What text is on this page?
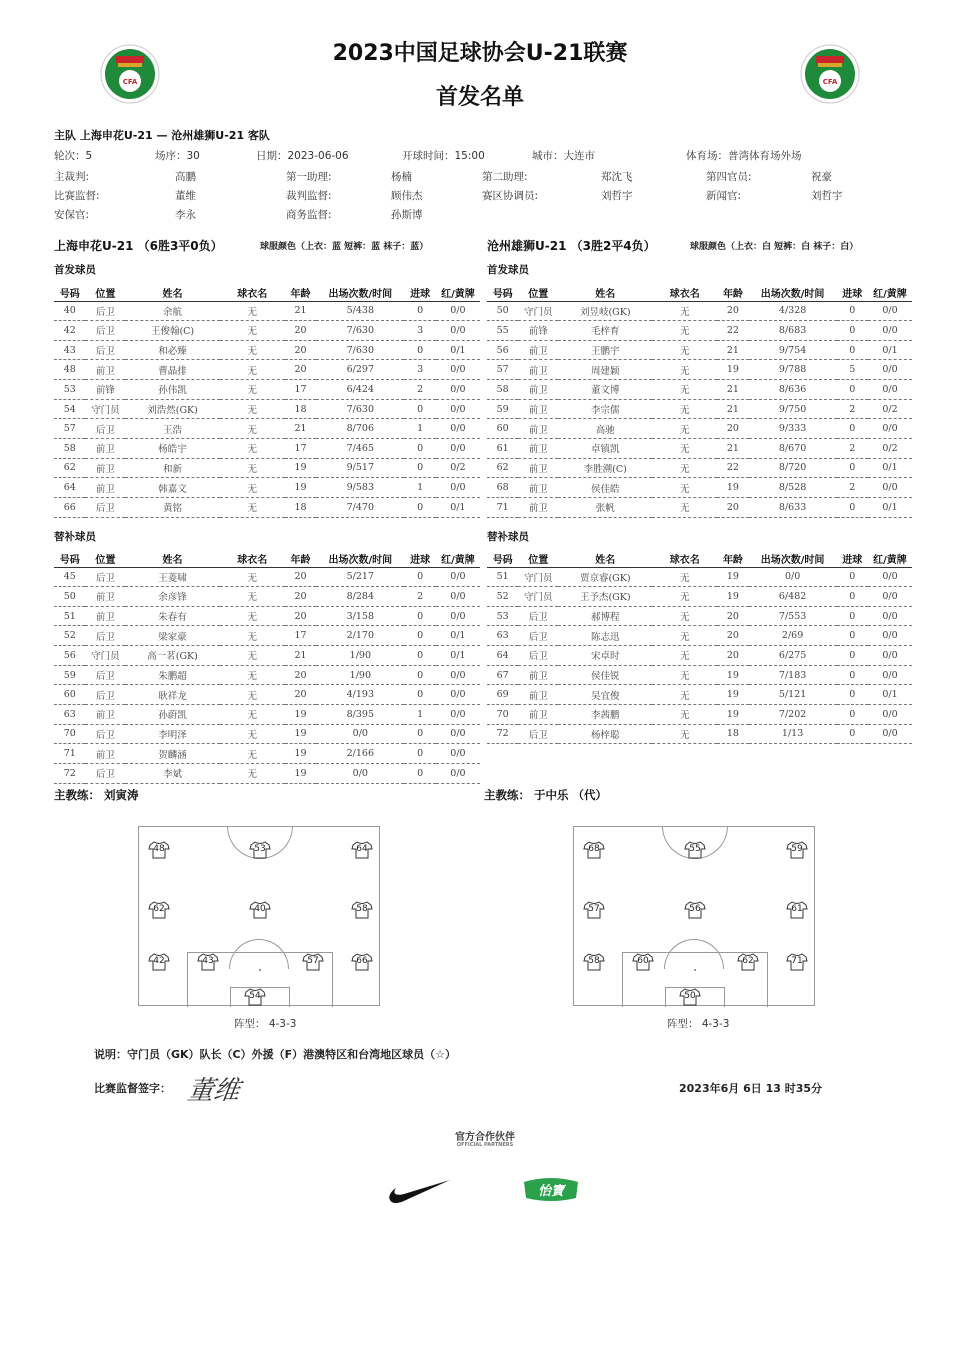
CFA	CFA
2023中国足球协会U-21联赛
首发名单
主队 上海申花U-21 — 沧州雄狮U-21 客队
轮次：5	场序：30	日期：2023-06-06	开球时间：15:00	城市：大连市	体育场：普湾体育场外场
主裁判:	高鹏	第一助理:	杨楠	第二助理:	郑沈飞	第四官员:	祝豪
比赛监督:	董维	裁判监督:	顾伟杰	赛区协调员:	刘哲宇	新闻官:	刘哲宇
安保官:	李永	商务监督:	孙斯博
上海申花U-21 （6胜3平0负）	球服颜色（上衣：蓝 短裤：蓝 袜子：蓝）	沧州雄狮U-21 （3胜2平4负）	球服颜色（上衣：白 短裤：白 袜子：白）
首发球员	首发球员
号码	位置	姓名	球衣名	年龄	出场次数/时间	进球	红/黄牌
40	后卫	余航	无	21	5/438	0	0/0
42	后卫	王俊翰(C)	无	20	7/630	3	0/0
43	后卫	和必臻	无	20	7/630	0	0/1
48	前卫	曹晶排	无	20	6/297	3	0/0
53	前锋	孙伟凯	无	17	6/424	2	0/0
54	守门员	刘浩然(GK)	无	18	7/630	0	0/0
57	后卫	王浩	无	21	8/706	1	0/0
58	前卫	杨皓宇	无	17	7/465	0	0/0
62	前卫	和新	无	19	9/517	0	0/2
64	前卫	韩嘉文	无	19	9/583	1	0/0
66	后卫	黄铭	无	18	7/470	0	0/1
号码	位置	姓名	球衣名	年龄	出场次数/时间	进球	红/黄牌
50	守门员	刘昱岐(GK)	无	20	4/328	0	0/0
55	前锋	毛梓育	无	22	8/683	0	0/0
56	前卫	王鹏宇	无	21	9/754	0	0/1
57	前卫	周建颖	无	19	9/788	5	0/0
58	前卫	董文博	无	21	8/636	0	0/0
59	前卫	李宗儒	无	21	9/750	2	0/2
60	前卫	高驰	无	20	9/333	0	0/0
61	前卫	卓镇凯	无	21	8/670	2	0/2
62	前卫	李胜溯(C)	无	22	8/720	0	0/1
68	前卫	侯佳皓	无	19	8/528	2	0/0
71	前卫	张帆	无	20	8/633	0	0/1
替补球员	替补球员
号码	位置	姓名	球衣名	年龄	出场次数/时间	进球	红/黄牌
45	后卫	王菱啸	无	20	5/217	0	0/0
50	前卫	余彦锋	无	20	8/284	2	0/0
51	前卫	朱春有	无	20	3/158	0	0/0
52	后卫	梁家豪	无	17	2/170	0	0/1
56	守门员	高一茗(GK)	无	21	1/90	0	0/1
59	后卫	朱鹏超	无	20	1/90	0	0/0
60	后卫	耿祥龙	无	20	4/193	0	0/0
63	前卫	孙蔚凯	无	19	8/395	1	0/0
70	后卫	李明泽	无	19	0/0	0	0/0
71	前卫	贺麟涵	无	19	2/166	0	0/0
72	后卫	李斌	无	19	0/0	0	0/0
号码	位置	姓名	球衣名	年龄	出场次数/时间	进球	红/黄牌
51	守门员	贾京睿(GK)	无	19	0/0	0	0/0
52	守门员	王予杰(GK)	无	19	6/482	0	0/0
53	后卫	郝博程	无	20	7/553	0	0/0
63	后卫	陈志迅	无	20	2/69	0	0/0
64	后卫	宋卓时	无	20	6/275	0	0/0
67	前卫	侯佳锐	无	19	7/183	0	0/0
69	前卫	吴宜俊	无	19	5/121	0	0/1
70	前卫	李茜鹏	无	19	7/202	0	0/0
72	后卫	杨梓聪	无	18	1/13	0	0/0
主教练： 刘寅涛	主教练： 于中乐 （代）
48	53	64
62	40	58
42	43	57	66
54
68	55	59
57	56	61
58	60	62	71
50
阵型： 4-3-3	阵型： 4-3-3
说明：守门员（GK）队长（C）外援（F）港澳特区和台湾地区球员（☆）
比赛监督签字： 董维	2023年6月 6日 13 时35分
官方合作伙伴
OFFICIAL PARTNERS
怡寶
